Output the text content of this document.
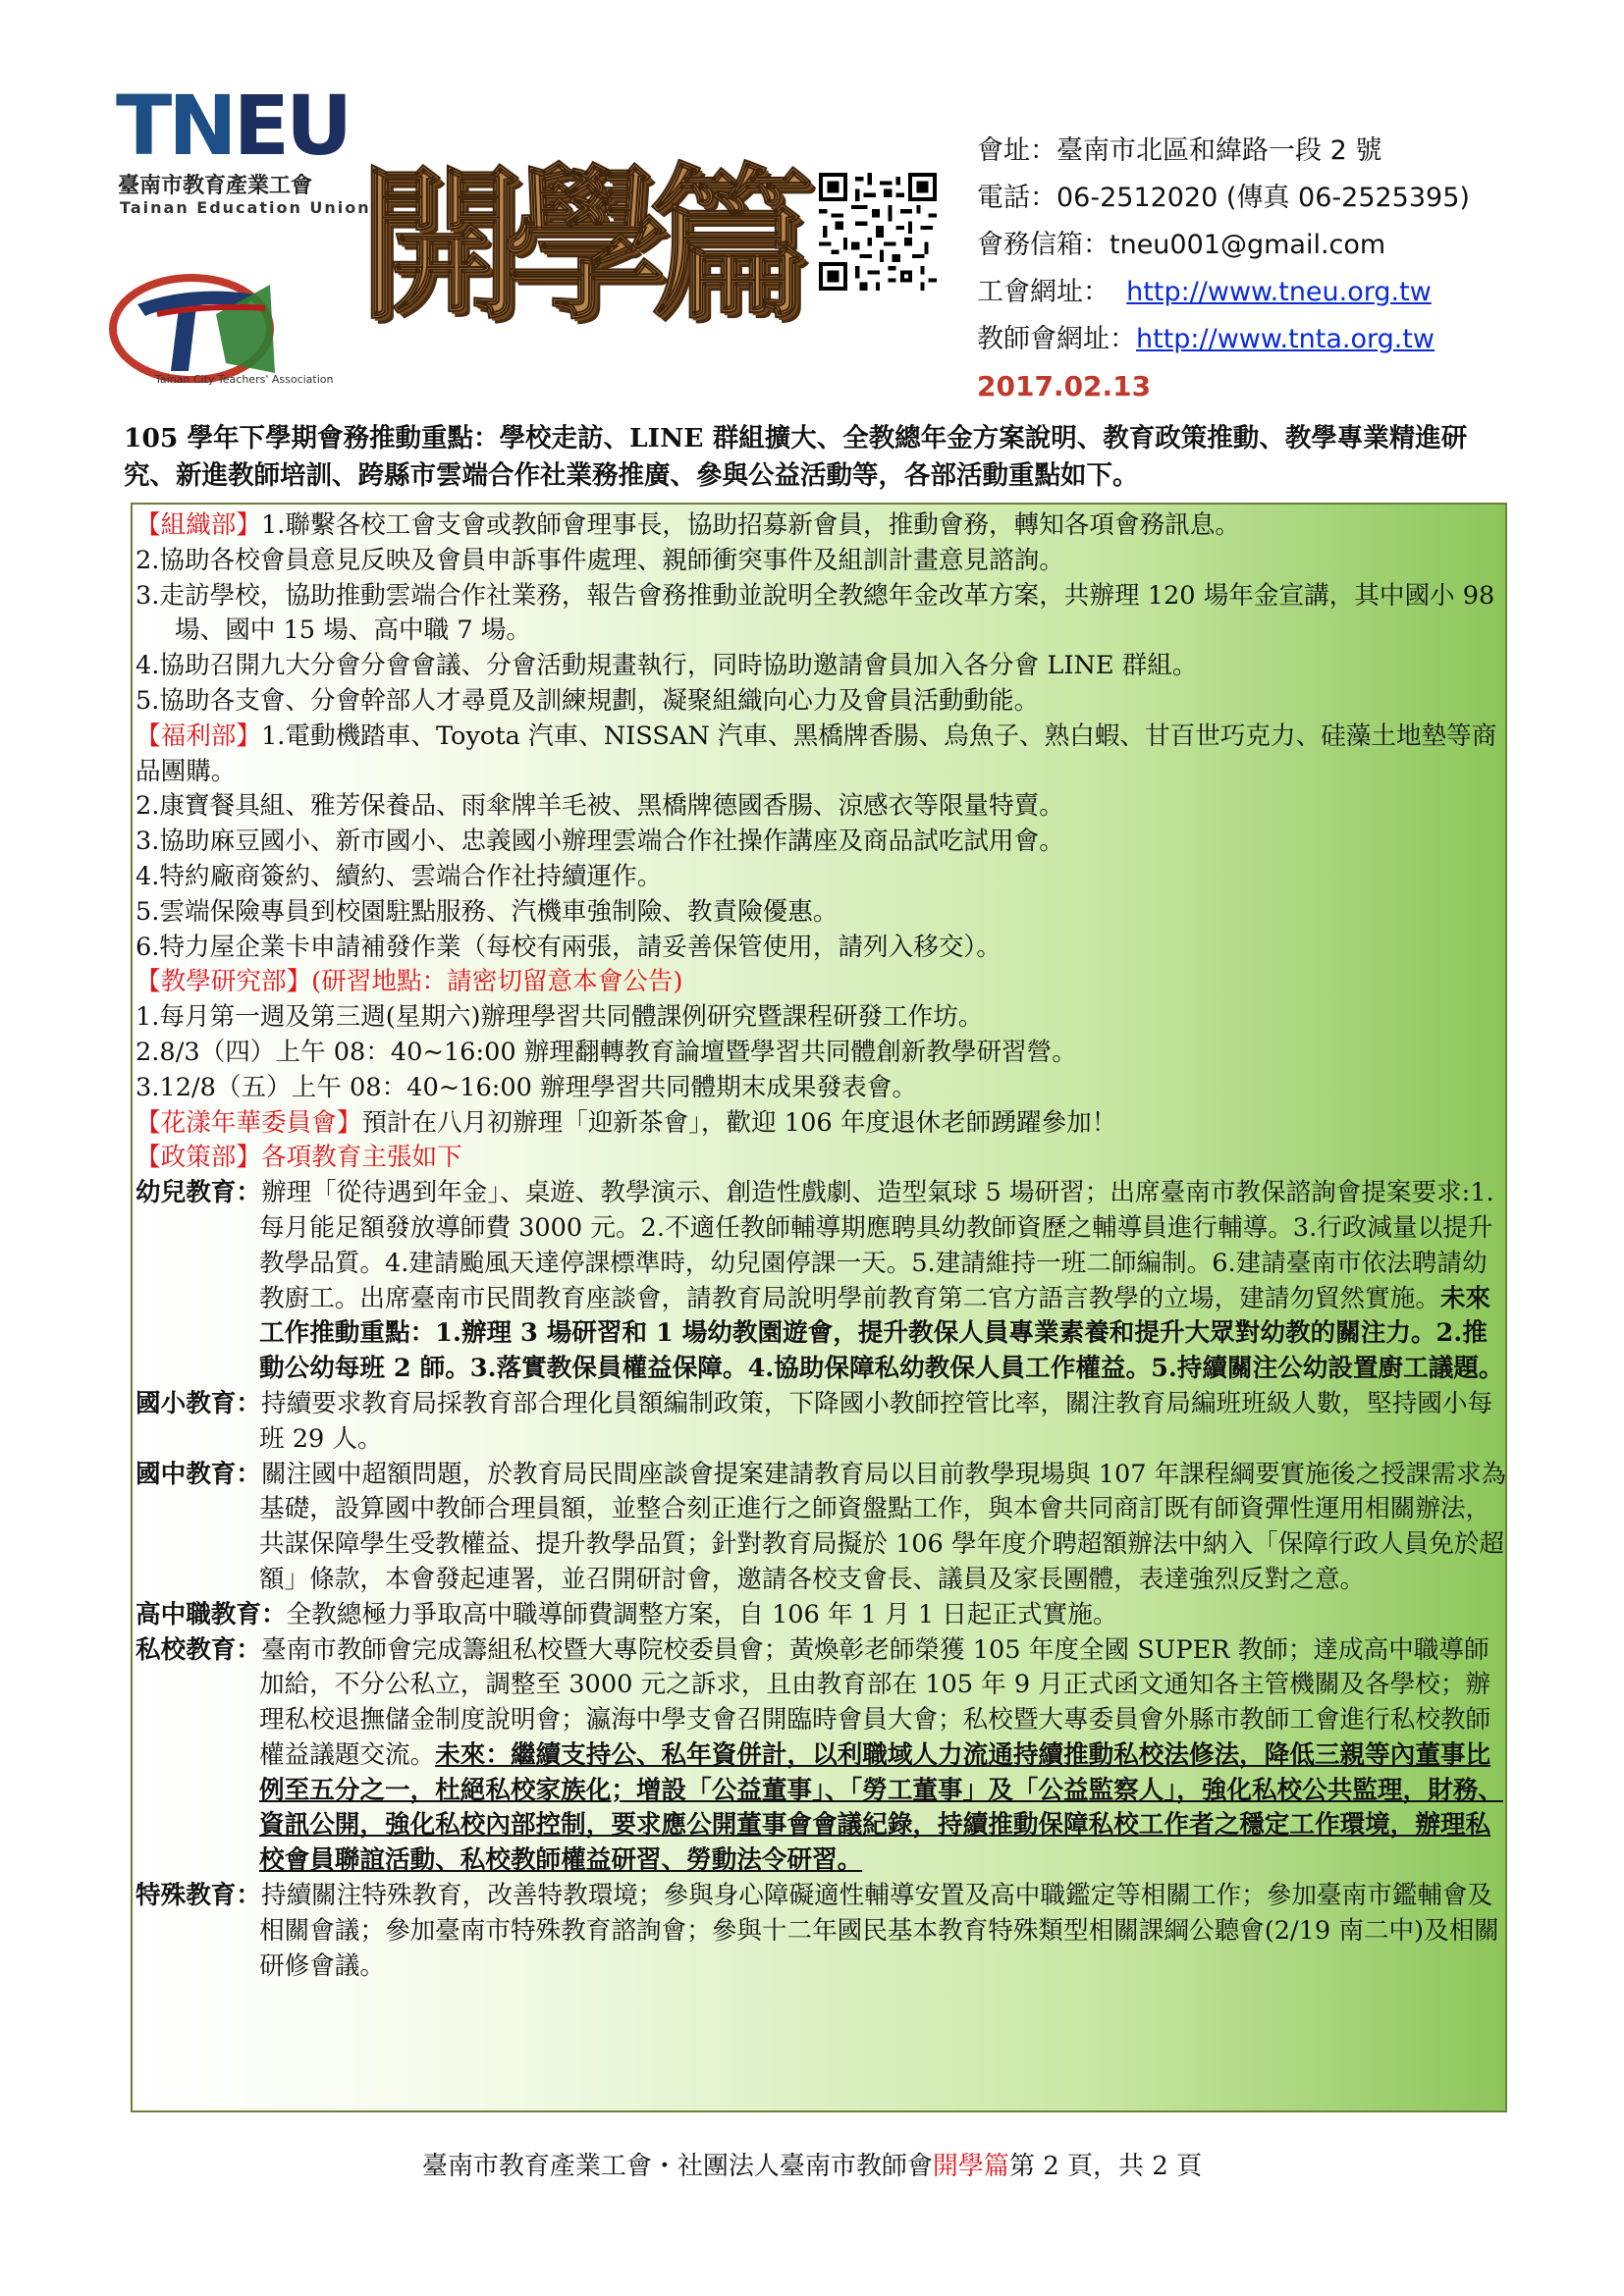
TNEU
臺南市教育產業工會
Tainan Education Union
Tainan City Teachers' Association
開
學
篇	會址：臺南市北區和緯路一段 2 號
電話：06-2512020 (傳真 06-2525395)
會務信箱：tneu001@gmail.com
工會網址： http://www.tneu.org.tw
教師會網址：http://www.tnta.org.tw
2017.02.13
105 學年下學期會務推動重點：學校走訪、LINE 群組擴大、全教總年金方案說明、教育政策推動、教學專業精進研究、新進教師培訓、跨縣市雲端合作社業務推廣、參與公益活動等，各部活動重點如下。

【組織部】1.聯繫各校工會支會或教師會理事長，協助招募新會員，推動會務，轉知各項會務訊息。

2.協助各校會員意見反映及會員申訴事件處理、親師衝突事件及組訓計畫意見諮詢。

3.走訪學校，協助推動雲端合作社業務，報告會務推動並說明全教總年金改革方案，共辦理 120 場年金宣講，其中國小 98 場、國中 15 場、高中職 7 場。

4.協助召開九大分會分會會議、分會活動規畫執行，同時協助邀請會員加入各分會 LINE 群組。

5.協助各支會、分會幹部人才尋覓及訓練規劃，凝聚組織向心力及會員活動動能。

【福利部】1.電動機踏車、Toyota 汽車、NISSAN 汽車、黑橋牌香腸、烏魚子、熟白蝦、甘百世巧克力、硅藻土地墊等商品團購。

2.康寶餐具組、雅芳保養品、雨傘牌羊毛被、黑橋牌德國香腸、涼感衣等限量特賣。

3.協助麻豆國小、新市國小、忠義國小辦理雲端合作社操作講座及商品試吃試用會。

4.特約廠商簽約、續約、雲端合作社持續運作。

5.雲端保險專員到校園駐點服務、汽機車強制險、教責險優惠。

6.特力屋企業卡申請補發作業（每校有兩張，請妥善保管使用，請列入移交）。

【教學研究部】(研習地點：請密切留意本會公告)

1.每月第一週及第三週(星期六)辦理學習共同體課例研究暨課程研發工作坊。

2.8/3（四）上午 08：40~16:00 辦理翻轉教育論壇暨學習共同體創新教學研習營。

3.12/8（五）上午 08：40~16:00 辦理學習共同體期末成果發表會。

【花漾年華委員會】預計在八月初辦理「迎新茶會」，歡迎 106 年度退休老師踴躍參加！

【政策部】各項教育主張如下

幼兒教育：辦理「從待遇到年金」、桌遊、教學演示、創造性戲劇、造型氣球 5 場研習；出席臺南市教保諮詢會提案要求:1.每月能足額發放導師費 3000 元。2.不適任教師輔導期應聘具幼教師資歷之輔導員進行輔導。3.行政減量以提升教學品質。4.建請颱風天達停課標準時，幼兒園停課一天。5.建請維持一班二師編制。6.建請臺南市依法聘請幼教廚工。出席臺南市民間教育座談會，請教育局說明學前教育第二官方語言教學的立場，建請勿貿然實施。未來工作推動重點：1.辦理 3 場研習和 1 場幼教園遊會，提升教保人員專業素養和提升大眾對幼教的關注力。2.推動公幼每班 2 師。3.落實教保員權益保障。4.協助保障私幼教保人員工作權益。5.持續關注公幼設置廚工議題。

國小教育：持續要求教育局採教育部合理化員額編制政策，下降國小教師控管比率，關注教育局編班班級人數，堅持國小每班 29 人。

國中教育：關注國中超額問題，於教育局民間座談會提案建請教育局以目前教學現場與 107 年課程綱要實施後之授課需求為基礎，設算國中教師合理員額，並整合刻正進行之師資盤點工作，與本會共同商訂既有師資彈性運用相關辦法，共謀保障學生受教權益、提升教學品質；針對教育局擬於 106 學年度介聘超額辦法中納入「保障行政人員免於超額」條款，本會發起連署，並召開研討會，邀請各校支會長、議員及家長團體，表達強烈反對之意。

高中職教育：全教總極力爭取高中職導師費調整方案，自 106 年 1 月 1 日起正式實施。

私校教育：臺南市教師會完成籌組私校暨大專院校委員會；黃煥彰老師榮獲 105 年度全國 SUPER 教師；達成高中職導師加給，不分公私立，調整至 3000 元之訴求，且由教育部在 105 年 9 月正式函文通知各主管機關及各學校；辦理私校退撫儲金制度說明會；瀛海中學支會召開臨時會員大會；私校暨大專委員會外縣市教師工會進行私校教師權益議題交流。未來：繼續支持公、私年資併計，以利職域人力流通持續推動私校法修法，降低三親等內董事比例至五分之一，杜絕私校家族化；增設「公益董事」、「勞工董事」及「公益監察人」，強化私校公共監理，財務、資訊公開，強化私校內部控制，要求應公開董事會會議紀錄，持續推動保障私校工作者之穩定工作環境，辦理私校會員聯誼活動、私校教師權益研習、勞動法令研習。

特殊教育：持續關注特殊教育，改善特教環境；參與身心障礙適性輔導安置及高中職鑑定等相關工作；參加臺南市鑑輔會及相關會議；參加臺南市特殊教育諮詢會；參與十二年國民基本教育特殊類型相關課綱公聽會(2/19 南二中)及相關研修會議。

臺南市教育產業工會・社團法人臺南市教師會開學篇第 2 頁，共 2 頁
